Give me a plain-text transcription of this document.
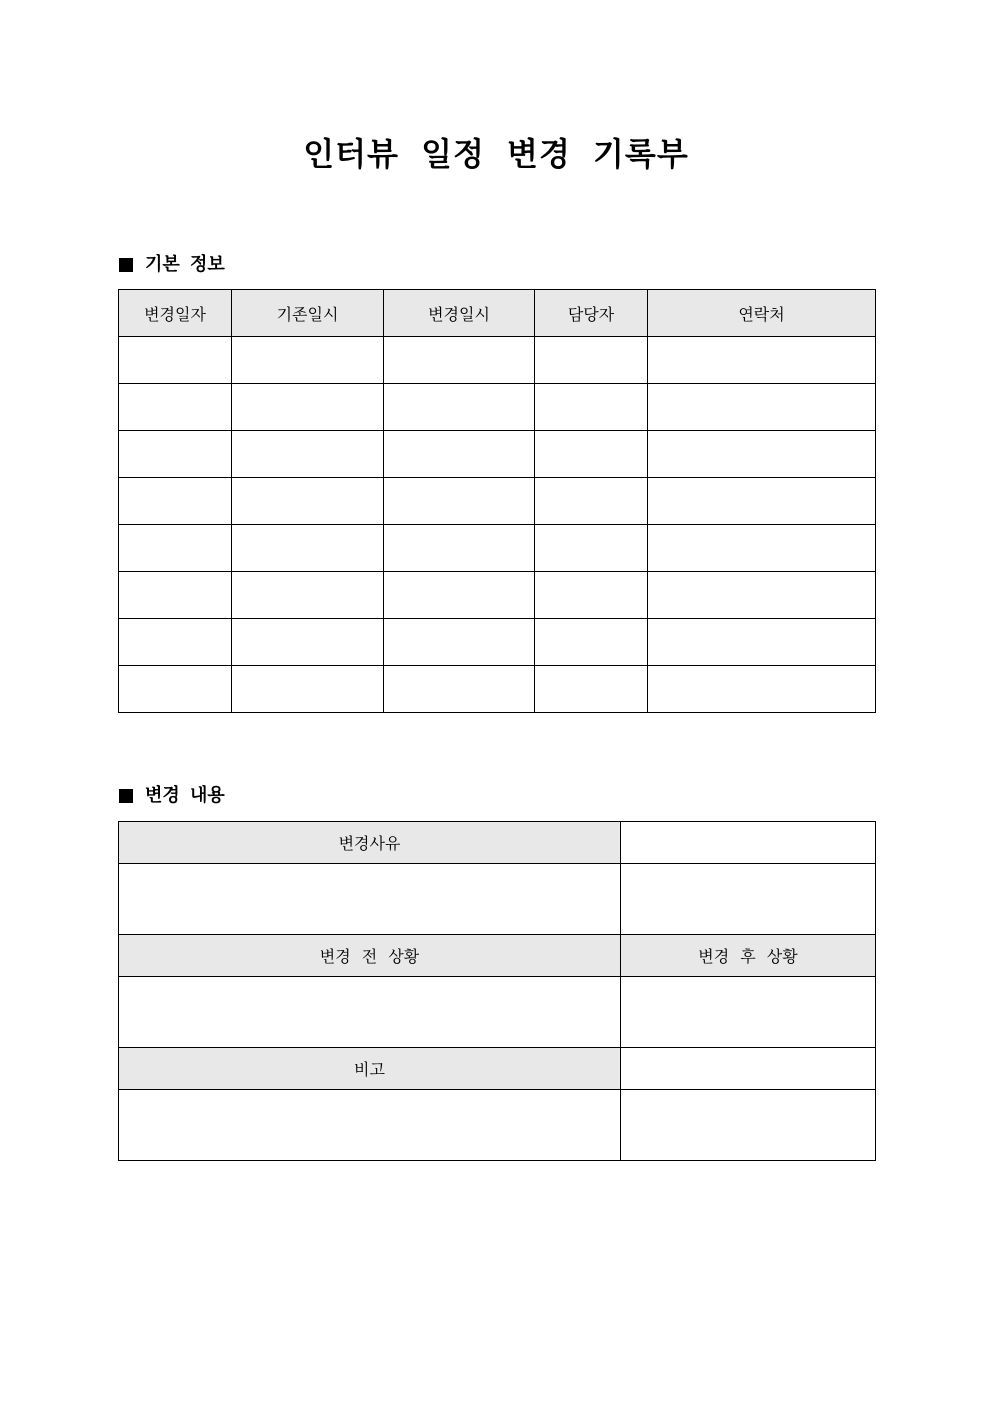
인터뷰 일정 변경 기록부
기본 정보
변경일자	기존일시	변경일시	담당자	연락처

변경 내용
변경사유	

변경 전 상황	변경 후 상황

비고	
